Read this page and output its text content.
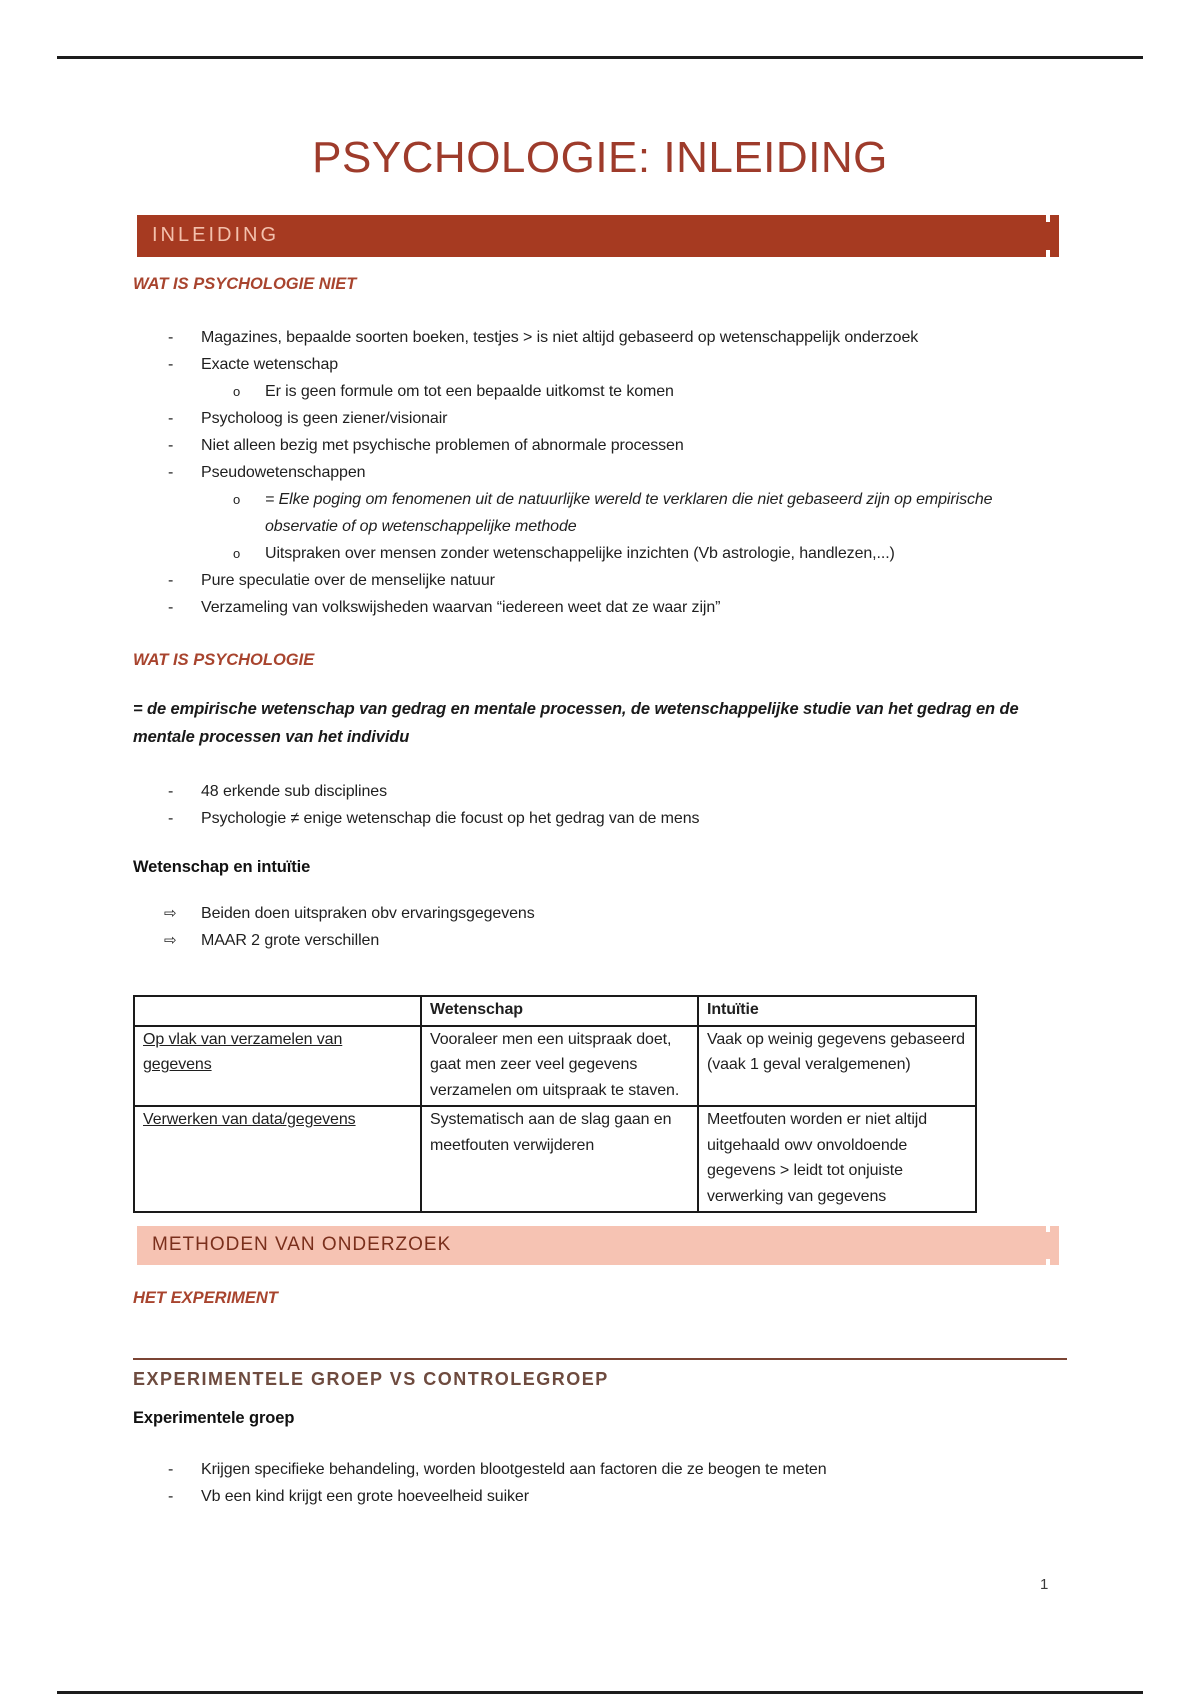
PSYCHOLOGIE: INLEIDING
INLEIDING
WAT IS PSYCHOLOGIE NIET
-	Magazines, bepaalde soorten boeken, testjes > is niet altijd gebaseerd op wetenschappelijk onderzoek
-	Exacte wetenschap
o	Er is geen formule om tot een bepaalde uitkomst te komen
-	Psycholoog is geen ziener/visionair
-	Niet alleen bezig met psychische problemen of abnormale processen
-	Pseudowetenschappen
o	= Elke poging om fenomenen uit de natuurlijke wereld te verklaren die niet gebaseerd zijn op empirische observatie of op wetenschappelijke methode
o	Uitspraken over mensen zonder wetenschappelijke inzichten (Vb astrologie, handlezen,...)
-	Pure speculatie over de menselijke natuur
-	Verzameling van volkswijsheden waarvan “iedereen weet dat ze waar zijn”
WAT IS PSYCHOLOGIE

= de empirische wetenschap van gedrag en mentale processen, de wetenschappelijke studie van het gedrag en de mentale processen van het individu

-	48 erkende sub disciplines
-	Psychologie ≠ enige wetenschap die focust op het gedrag van de mens
Wetenschap en intuïtie
⇨	Beiden doen uitspraken obv ervaringsgegevens
⇨	MAAR 2 grote verschillen
	Wetenschap	Intuïtie
Op vlak van verzamelen van gegevens	Vooraleer men een uitspraak doet, gaat men zeer veel gegevens verzamelen om uitspraak te staven.	Vaak op weinig gegevens gebaseerd (vaak 1 geval veralgemenen)
Verwerken van data/gegevens	Systematisch aan de slag gaan en meetfouten verwijderen	Meetfouten worden er niet altijd uitgehaald owv onvoldoende gegevens > leidt tot onjuiste verwerking van gegevens
METHODEN VAN ONDERZOEK
HET EXPERIMENT
EXPERIMENTELE GROEP VS CONTROLEGROEP
Experimentele groep
-	Krijgen specifieke behandeling, worden blootgesteld aan factoren die ze beogen te meten
-	Vb een kind krijgt een grote hoeveelheid suiker
1
